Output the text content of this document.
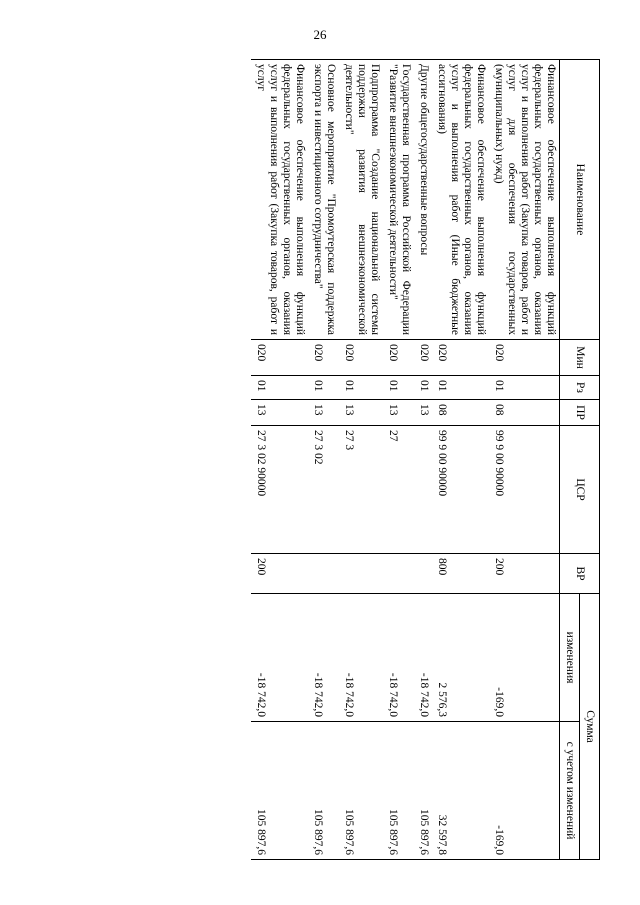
26
Наименование	Мин	Рз	ПР	ЦСР	ВР	Сумма	
						изменения	с учетом изменений
Финансовое обеспечение выполнения функций федеральных государственных органов, оказания услуг и выполнения работ (Закупка товаров, работ и услуг для обеспечения государственных (муниципальных) нужд)	020	01	08	99 9 00 90000	200	-169,0	-169,0
Финансовое обеспечение выполнения функций федеральных государственных органов, оказания услуг и выполнения работ (Иные бюджетные ассигнования)	020	01	08	99 9 00 90000	800	2 576,3	32 597,8
Другие общегосударственные вопросы	020	01	13			-18 742,0	105 897,6
Государственная программа Российской Федерации "Развитие внешнеэкономической деятельности"	020	01	13	27		-18 742,0	105 897,6
Подпрограмма "Создание национальной системы поддержки развития внешнеэкономической деятельности"	020	01	13	27 3		-18 742,0	105 897,6
Основное мероприятие "Промоутерская поддержка экспорта и инвестиционного сотрудничества"	020	01	13	27 3 02		-18 742,0	105 897,6
Финансовое обеспечение выполнения функций федеральных государственных органов, оказания услуг и выполнения работ (Закупка товаров, работ и услуг	020	01	13	27 3 02 90000	200	-18 742,0	105 897,6
